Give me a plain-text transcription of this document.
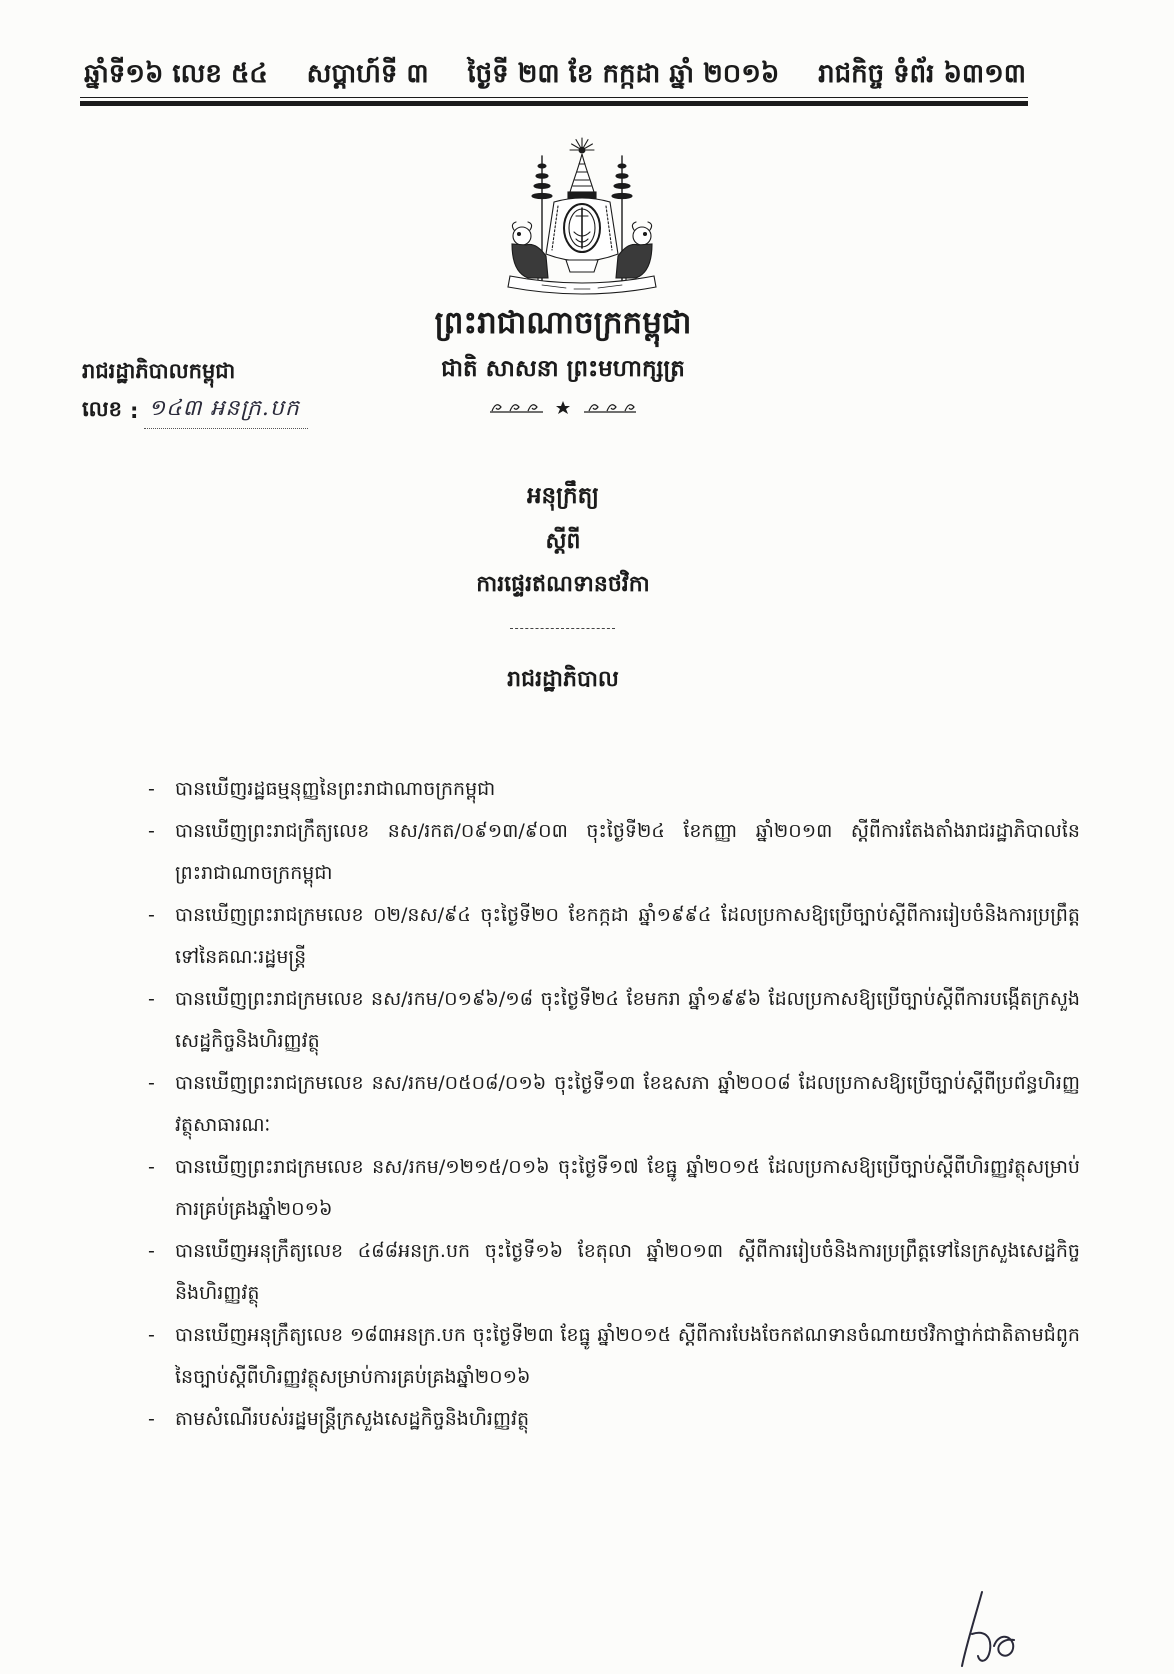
ឆ្នាំទី១៦ លេខ ៥៤ សប្តាហ៍ទី ៣ ថ្ងៃទី ២៣ ខែ កក្កដា ឆ្នាំ ២០១៦ រាជកិច្ច ទំព័រ ៦៣១៣
ព្រះរាជាណាចក្រកម្ពុជា
ជាតិ សាសនា ព្រះមហាក្សត្រ
រាជរដ្ឋាភិបាលកម្ពុជា
លេខ : ១៤៣ អនក្រ.បក
អនុក្រឹត្យ
ស្តីពី
ការផ្ទេរឥណទានថវិកា
រាជរដ្ឋាភិបាល
-	បានឃើញរដ្ឋធម្មនុញ្ញនៃព្រះរាជាណាចក្រកម្ពុជា
-	បានឃើញព្រះរាជក្រឹត្យលេខ នស/រកត/០៩១៣/៩០៣ ចុះថ្ងៃទី២៤ ខែកញ្ញា ឆ្នាំ២០១៣ ស្តីពីការតែងតាំងរាជរដ្ឋាភិបាលនៃព្រះរាជាណាចក្រកម្ពុជា
-	បានឃើញព្រះរាជក្រមលេខ ០២/នស/៩៤ ចុះថ្ងៃទី២០ ខែកក្កដា ឆ្នាំ១៩៩៤ ដែលប្រកាសឱ្យប្រើច្បាប់ស្តីពីការរៀបចំនិងការប្រព្រឹត្តទៅនៃគណៈរដ្ឋមន្ត្រី
-	បានឃើញព្រះរាជក្រមលេខ នស/រកម/០១៩៦/១៨ ចុះថ្ងៃទី២៤ ខែមករា ឆ្នាំ១៩៩៦ ដែលប្រកាសឱ្យប្រើច្បាប់ស្តីពីការបង្កើតក្រសួងសេដ្ឋកិច្ចនិងហិរញ្ញវត្ថុ
-	បានឃើញព្រះរាជក្រមលេខ នស/រកម/០៥០៨/០១៦ ចុះថ្ងៃទី១៣ ខែឧសភា ឆ្នាំ២០០៨ ដែលប្រកាសឱ្យប្រើច្បាប់ស្តីពីប្រព័ន្ធហិរញ្ញវត្ថុសាធារណៈ
-	បានឃើញព្រះរាជក្រមលេខ នស/រកម/១២១៥/០១៦ ចុះថ្ងៃទី១៧ ខែធ្នូ ឆ្នាំ២០១៥ ដែលប្រកាសឱ្យប្រើច្បាប់ស្តីពីហិរញ្ញវត្ថុសម្រាប់ការគ្រប់គ្រងឆ្នាំ២០១៦
-	បានឃើញអនុក្រឹត្យលេខ ៤៨៨អនក្រ.បក ចុះថ្ងៃទី១៦ ខែតុលា ឆ្នាំ២០១៣ ស្តីពីការរៀបចំនិងការប្រព្រឹត្តទៅនៃក្រសួងសេដ្ឋកិច្ចនិងហិរញ្ញវត្ថុ
-	បានឃើញអនុក្រឹត្យលេខ ១៨៣អនក្រ.បក ចុះថ្ងៃទី២៣ ខែធ្នូ ឆ្នាំ២០១៥ ស្តីពីការបែងចែកឥណទានចំណាយថវិកាថ្នាក់ជាតិតាមជំពូកនៃច្បាប់ស្តីពីហិរញ្ញវត្ថុសម្រាប់ការគ្រប់គ្រងឆ្នាំ២០១៦
-	តាមសំណើរបស់រដ្ឋមន្ត្រីក្រសួងសេដ្ឋកិច្ចនិងហិរញ្ញវត្ថុ
